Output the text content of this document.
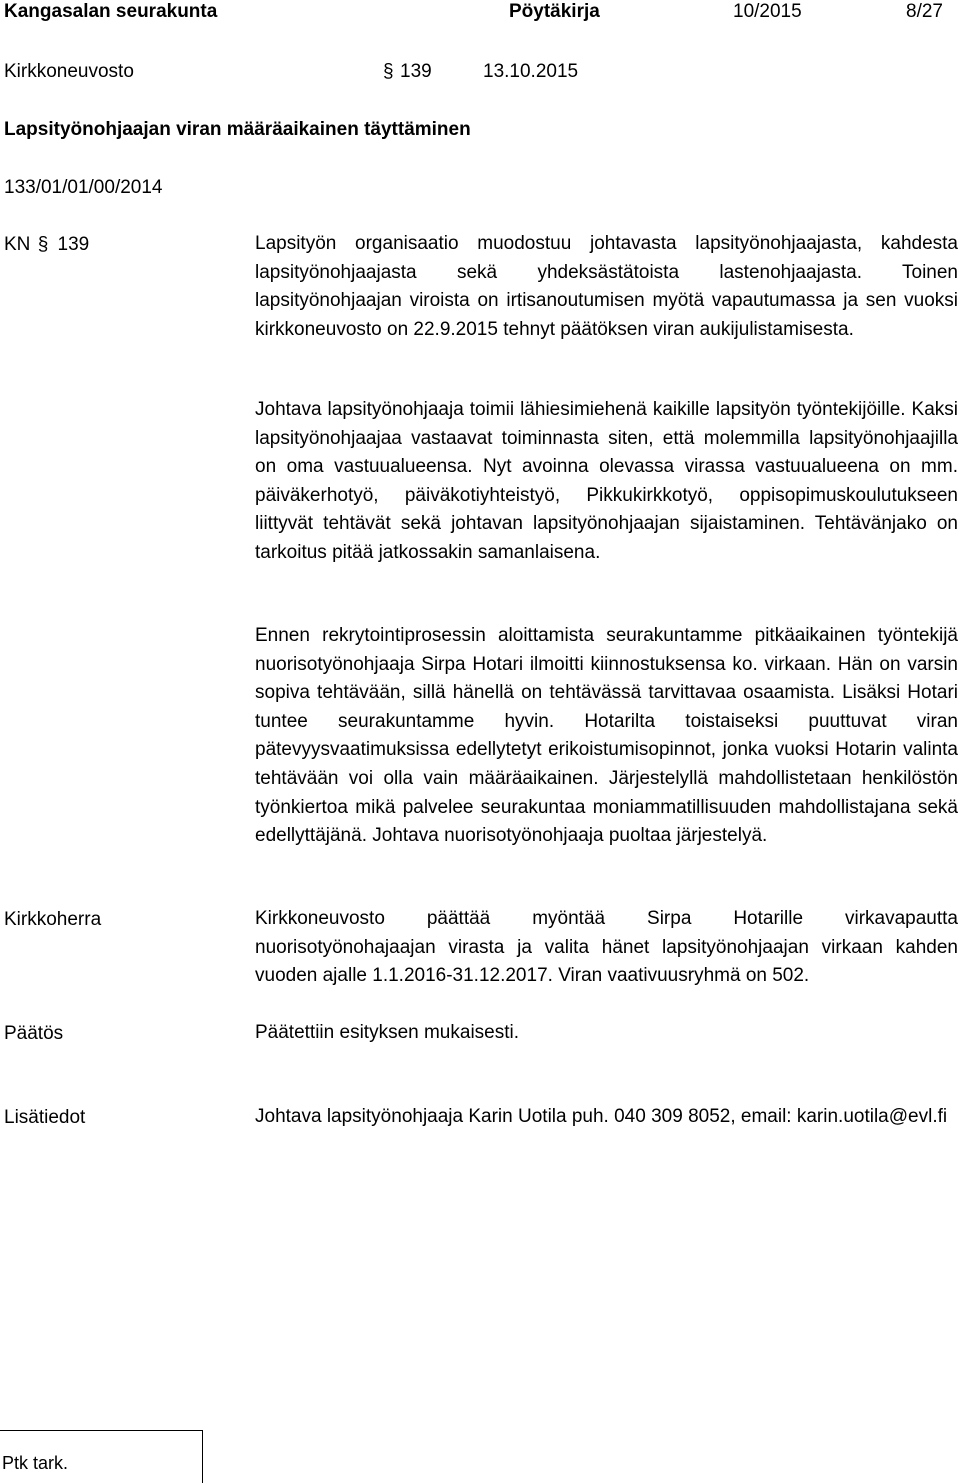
Kangasalan seurakunta	Pöytäkirja	10/2015	8/27
Kirkkoneuvosto	§ 139	13.10.2015
Lapsityönohjaajan viran määräaikainen täyttäminen
133/01/01/00/2014
KN § 139	Lapsityön organisaatio muodostuu johtavasta lapsityönohjaajasta, kahdesta lapsityönohjaajasta sekä yhdeksästätoista lastenohjaajasta. Toinen lapsityönohjaajan viroista on irtisanoutumisen myötä vapautumassa ja sen vuoksi kirkkoneuvosto on 22.9.2015 tehnyt päätöksen viran aukijulistamisesta.

Johtava lapsityönohjaaja toimii lähiesimiehenä kaikille lapsityön työntekijöille. Kaksi lapsityönohjaajaa vastaavat toiminnasta siten, että molemmilla lapsityönohjaajilla on oma vastuualueensa. Nyt avoinna olevassa virassa vastuualueena on mm. päiväkerhotyö, päiväkotiyhteistyö, Pikkukirkkotyö, oppisopimuskoulutukseen liittyvät tehtävät sekä johtavan lapsityönohjaajan sijaistaminen. Tehtävänjako on tarkoitus pitää jatkossakin samanlaisena.

Ennen rekrytointiprosessin aloittamista seurakuntamme pitkäaikainen työntekijä nuorisotyönohjaaja Sirpa Hotari ilmoitti kiinnostuksensa ko. virkaan. Hän on varsin sopiva tehtävään, sillä hänellä on tehtävässä tarvittavaa osaamista. Lisäksi Hotari tuntee seurakuntamme hyvin. Hotarilta toistaiseksi puuttuvat viran pätevyysvaatimuksissa edellytetyt erikoistumisopinnot, jonka vuoksi Hotarin valinta tehtävään voi olla vain määräaikainen. Järjestelyllä mahdollistetaan henkilöstön työnkiertoa mikä palvelee seurakuntaa moniammatillisuuden mahdollistajana sekä edellyttäjänä. Johtava nuorisotyönohjaaja puoltaa järjestelyä.

Kirkkoherra	Kirkkoneuvosto päättää myöntää Sirpa Hotarille virkavapautta nuorisotyönohajaajan virasta ja valita hänet lapsityönohjaajan virkaan kahden vuoden ajalle 1.1.2016-31.12.2017. Viran vaativuusryhmä on 502.

Päätös	Päätettiin esityksen mukaisesti.

Lisätiedot	Johtava lapsityönohjaaja Karin Uotila puh. 040 309 8052, email: karin.uotila@evl.fi

Ptk tark.
